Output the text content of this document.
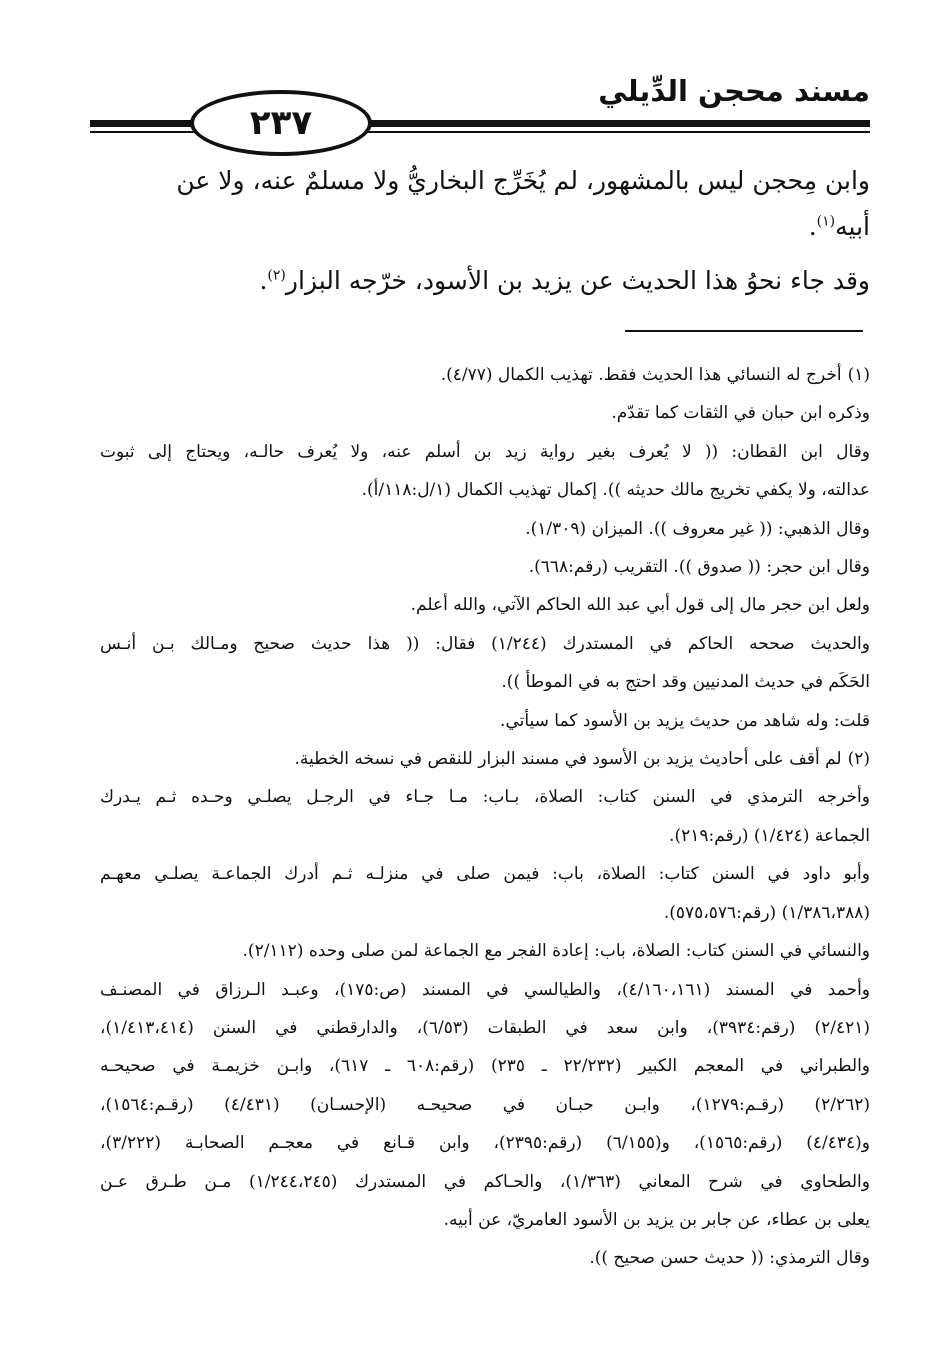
مسند محجن الدِّيلي
٢٣٧

وابن مِحجن ليس بالمشهور، لم يُخَرِّج البخاريُّ ولا مسلمٌ عنه، ولا عن

أبيه$^{(١)}$.

وقد جاء نحوُ هذا الحديث عن يزيد بن الأسود، خرّجه البزار$^{(٢)}$.

(١)أخرج له النسائي هذا الحديث فقط. تهذيب الكمال (٤/٧٧).
وذكره ابن حبان في الثقات كما تقدّم.
وقال ابن القطان: (( لا يُعرف بغير رواية زيد بن أسلم عنه، ولا يُعرف حالـه، ويحتاج إلى ثبوت
عدالته، ولا يكفي تخريج مالك حديثه )). إكمال تهذيب الكمال (١/ل:١١٨/أ).
وقال الذهبي: (( غير معروف )). الميزان (١/٣٠٩).
وقال ابن حجر: (( صدوق )). التقريب (رقم:٦٦٨).
ولعل ابن حجر مال إلى قول أبي عبد الله الحاكم الآتي، والله أعلم.
والحديث صححه الحاكم في المستدرك (١/٢٤٤) فقال: (( هذا حديث صحيح ومـالك بـن أنـس
الحَكَم في حديث المدنيين وقد احتج به في الموطأ )).
قلت: وله شاهد من حديث يزيد بن الأسود كما سيأتي.
(٢)لم أقف على أحاديث يزيد بن الأسود في مسند البزار للنقص في نسخه الخطية.
وأخرجه الترمذي في السنن كتاب: الصلاة، بـاب: مـا جـاء في الرجـل يصلـي وحـده ثـم يـدرك
الجماعة (١/٤٢٤) (رقم:٢١٩).
وأبو داود في السنن كتاب: الصلاة، باب: فيمن صلى في منزلـه ثـم أدرك الجماعـة يصلـي معهـم
(١/٣٨٦،٣٨٨) (رقم:٥٧٥،٥٧٦).
والنسائي في السنن كتاب: الصلاة، باب: إعادة الفجر مع الجماعة لمن صلى وحده (٢/١١٢).
وأحمد في المسند (٤/١٦٠،١٦١)، والطيالسي في المسند (ص:١٧٥)، وعبـد الـرزاق في المصنـف
(٢/٤٢١) (رقم:٣٩٣٤)، وابن سعد في الطبقات (٦/٥٣)، والدارقطني في السنن (١/٤١٣،٤١٤)،
والطبراني في المعجم الكبير (٢٢/٢٣٢ ـ ٢٣٥) (رقم:٦٠٨ ـ ٦١٧)، وابـن خزيمـة في صحيحـه
(٢/٢٦٢) (رقـم:١٢٧٩)، وابـن حبـان في صحيحـه (الإحسـان) (٤/٤٣١) (رقـم:١٥٦٤)،
و(٤/٤٣٤) (رقم:١٥٦٥)، و(٦/١٥٥) (رقم:٢٣٩٥)، وابن قـانع في معجـم الصحابـة (٣/٢٢٢)،
والطحاوي في شرح المعاني (١/٣٦٣)، والحـاكم في المستدرك (١/٢٤٤،٢٤٥) مـن طـرق عـن
يعلى بن عطاء، عن جابر بن يزيد بن الأسود العامريّ، عن أبيه.
وقال الترمذي: (( حديث حسن صحيح )).
